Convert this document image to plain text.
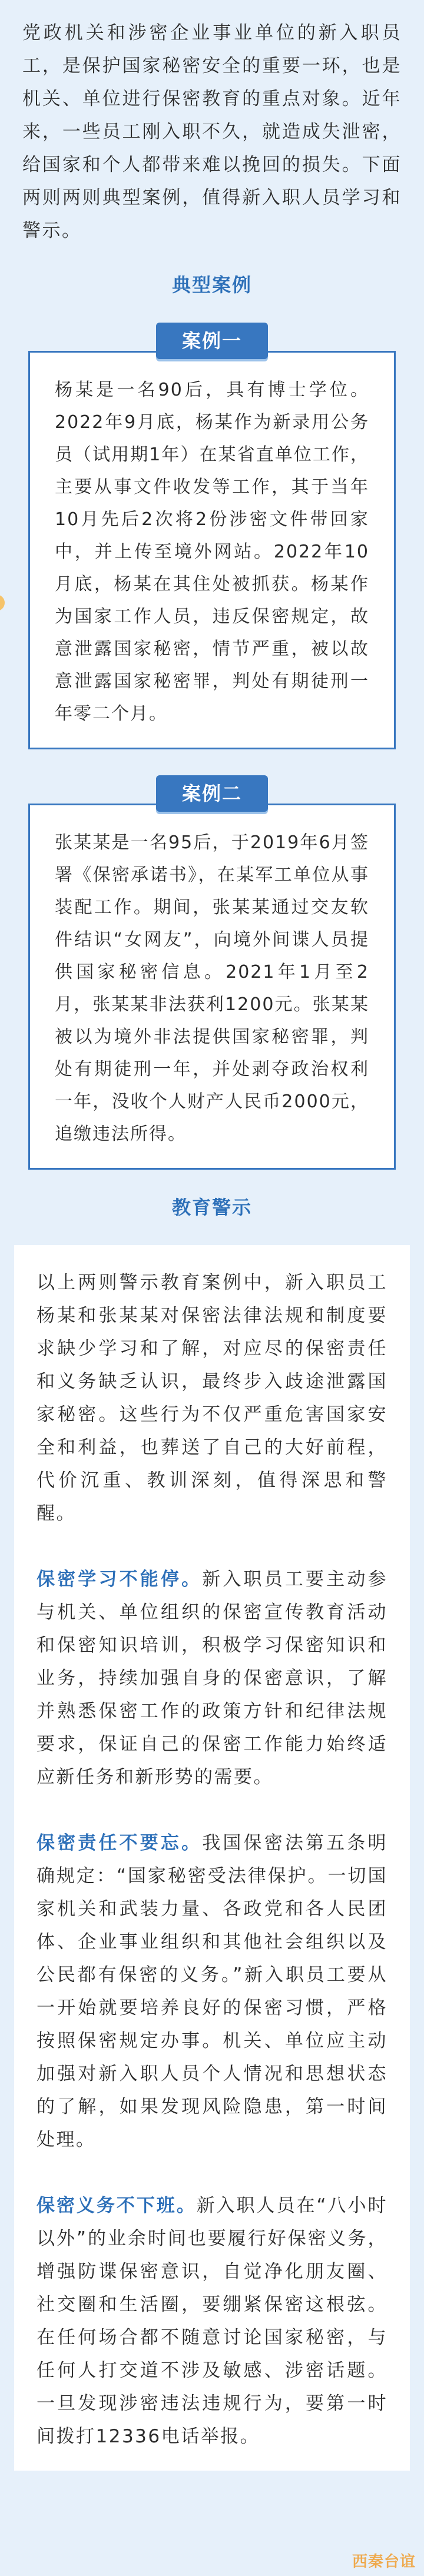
党政机关和涉密企业事业单位的新入职员工，是保护国家秘密安全的重要一环，也是机关、单位进行保密教育的重点对象。近年来，一些员工刚入职不久，就造成失泄密，给国家和个人都带来难以挽回的损失。下面两则两则典型案例，值得新入职人员学习和警示。

典型案例
案例一

杨某是一名90后，具有博士学位。2022年9月底，杨某作为新录用公务员（试用期1年）在某省直单位工作，主要从事文件收发等工作，其于当年10月先后2次将2份涉密文件带回家中，并上传至境外网站。2022年10月底，杨某在其住处被抓获。杨某作为国家工作人员，违反保密规定，故意泄露国家秘密，情节严重，被以故意泄露国家秘密罪，判处有期徒刑一年零二个月。

案例二

张某某是一名95后，于2019年6月签署《保密承诺书》，在某军工单位从事装配工作。期间，张某某通过交友软件结识“女网友”，向境外间谍人员提供国家秘密信息。2021年1月至2月，张某某非法获利1200元。张某某被以为境外非法提供国家秘密罪，判处有期徒刑一年，并处剥夺政治权利一年，没收个人财产人民币2000元，追缴违法所得。

教育警示

以上两则警示教育案例中，新入职员工杨某和张某某对保密法律法规和制度要求缺少学习和了解，对应尽的保密责任和义务缺乏认识，最终步入歧途泄露国家秘密。这些行为不仅严重危害国家安全和利益，也葬送了自己的大好前程，代价沉重、教训深刻，值得深思和警醒。

保密学习不能停。新入职员工要主动参与机关、单位组织的保密宣传教育活动和保密知识培训，积极学习保密知识和业务，持续加强自身的保密意识，了解并熟悉保密工作的政策方针和纪律法规要求，保证自己的保密工作能力始终适应新任务和新形势的需要。

保密责任不要忘。我国保密法第五条明确规定：“国家秘密受法律保护。一切国家机关和武装力量、各政党和各人民团体、企业事业组织和其他社会组织以及公民都有保密的义务。”新入职员工要从一开始就要培养良好的保密习惯，严格按照保密规定办事。机关、单位应主动加强对新入职人员个人情况和思想状态的了解，如果发现风险隐患，第一时间处理。

保密义务不下班。新入职人员在“八小时以外”的业余时间也要履行好保密义务，增强防谍保密意识，自觉净化朋友圈、社交圈和生活圈，要绷紧保密这根弦。在任何场合都不随意讨论国家秘密，与任何人打交道不涉及敏感、涉密话题。一旦发现涉密违法违规行为，要第一时间拨打12336电话举报。

西秦台谊
